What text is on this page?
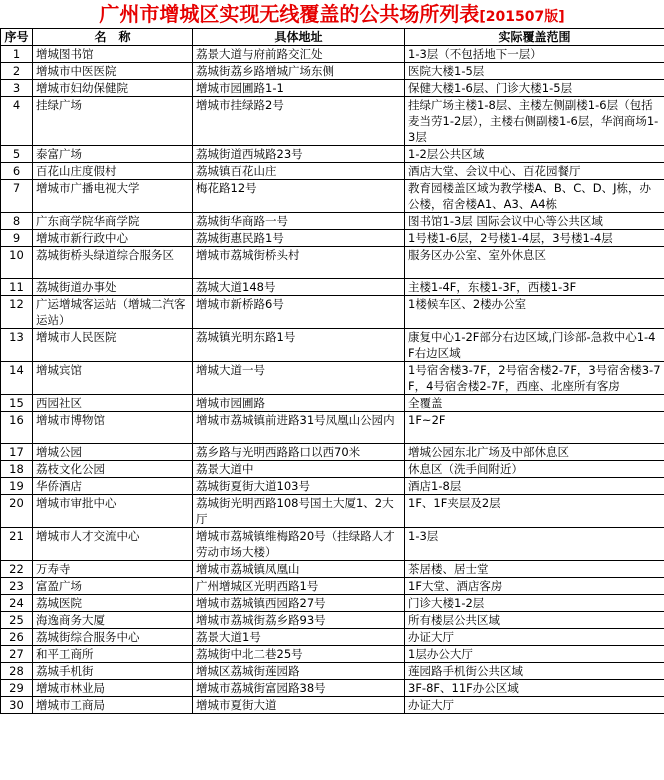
广州市增城区实现无线覆盖的公共场所列表[201507版]
序号	名　称	具体地址	实际覆盖范围
1	增城图书馆	荔景大道与府前路交汇处	1-3层（不包括地下一层）
2	增城市中医医院	荔城街荔乡路增城广场东侧	医院大楼1-5层
3	增城市妇幼保健院	增城市园圃路1-1	保健大楼1-6层、门诊大楼1-5层
4	挂绿广场	增城市挂绿路2号	挂绿广场主楼1-8层、主楼左侧副楼1-6层（包括麦当劳1-2层），主楼右侧副楼1-6层，华润商场1-3层
5	泰富广场	荔城街道西城路23号	1-2层公共区域
6	百花山庄度假村	荔城镇百花山庄	酒店大堂、会议中心、百花园餐厅
7	增城市广播电视大学	梅花路12号	教育园楼盖区域为教学楼A、B、C、D、J栋，办公楼，宿舍楼A1、A3、A4栋
8	广东商学院华商学院	荔城街华商路一号	图书馆1-3层 国际会议中心等公共区域
9	增城市新行政中心	荔城街惠民路1号	1号楼1-6层，2号楼1-4层，3号楼1-4层
10	荔城街桥头绿道综合服务区	增城市荔城街桥头村	服务区办公室、室外休息区
11	荔城街道办事处	荔城大道148号	主楼1-4F，东楼1-3F，西楼1-3F
12	广运增城客运站（增城二汽客运站）	增城市新桥路6号	1楼候车区、2楼办公室
13	增城市人民医院	荔城镇光明东路1号	康复中心1-2F部分右边区域,门诊部-急救中心1-4F右边区域
14	增城宾馆	增城大道一号	1号宿舍楼3-7F，2号宿舍楼2-7F，3号宿舍楼3-7F，4号宿舍楼2-7F，西座、北座所有客房
15	西园社区	增城市园圃路	全覆盖
16	增城市博物馆	增城市荔城镇前进路31号凤凰山公园内	1F~2F
17	增城公园	荔乡路与光明西路路口以西70米	增城公园东北广场及中部休息区
18	荔枝文化公园	荔景大道中	休息区（洗手间附近）
19	华侨酒店	荔城街夏街大道103号	酒店1-8层
20	增城市审批中心	荔城街光明西路108号国土大厦1、2大厅	1F、1F夹层及2层
21	增城市人才交流中心	增城市荔城镇维梅路20号（挂绿路人才劳动市场大楼）	1-3层
22	万寿寺	增城市荔城镇凤凰山	茶居楼、居士堂
23	富盈广场	广州增城区光明西路1号	1F大堂、酒店客房
24	荔城医院	增城市荔城镇西园路27号	门诊大楼1-2层
25	海逸商务大厦	增城市荔城街荔乡路93号	所有楼层公共区域
26	荔城街综合服务中心	荔景大道1号	办证大厅
27	和平工商所	荔城街中北二巷25号	1层办公大厅
28	荔城手机街	增城区荔城街莲园路	莲园路手机街公共区域
29	增城市林业局	增城市荔城街富园路38号	3F-8F、11F办公区域
30	增城市工商局	增城市夏街大道	办证大厅
